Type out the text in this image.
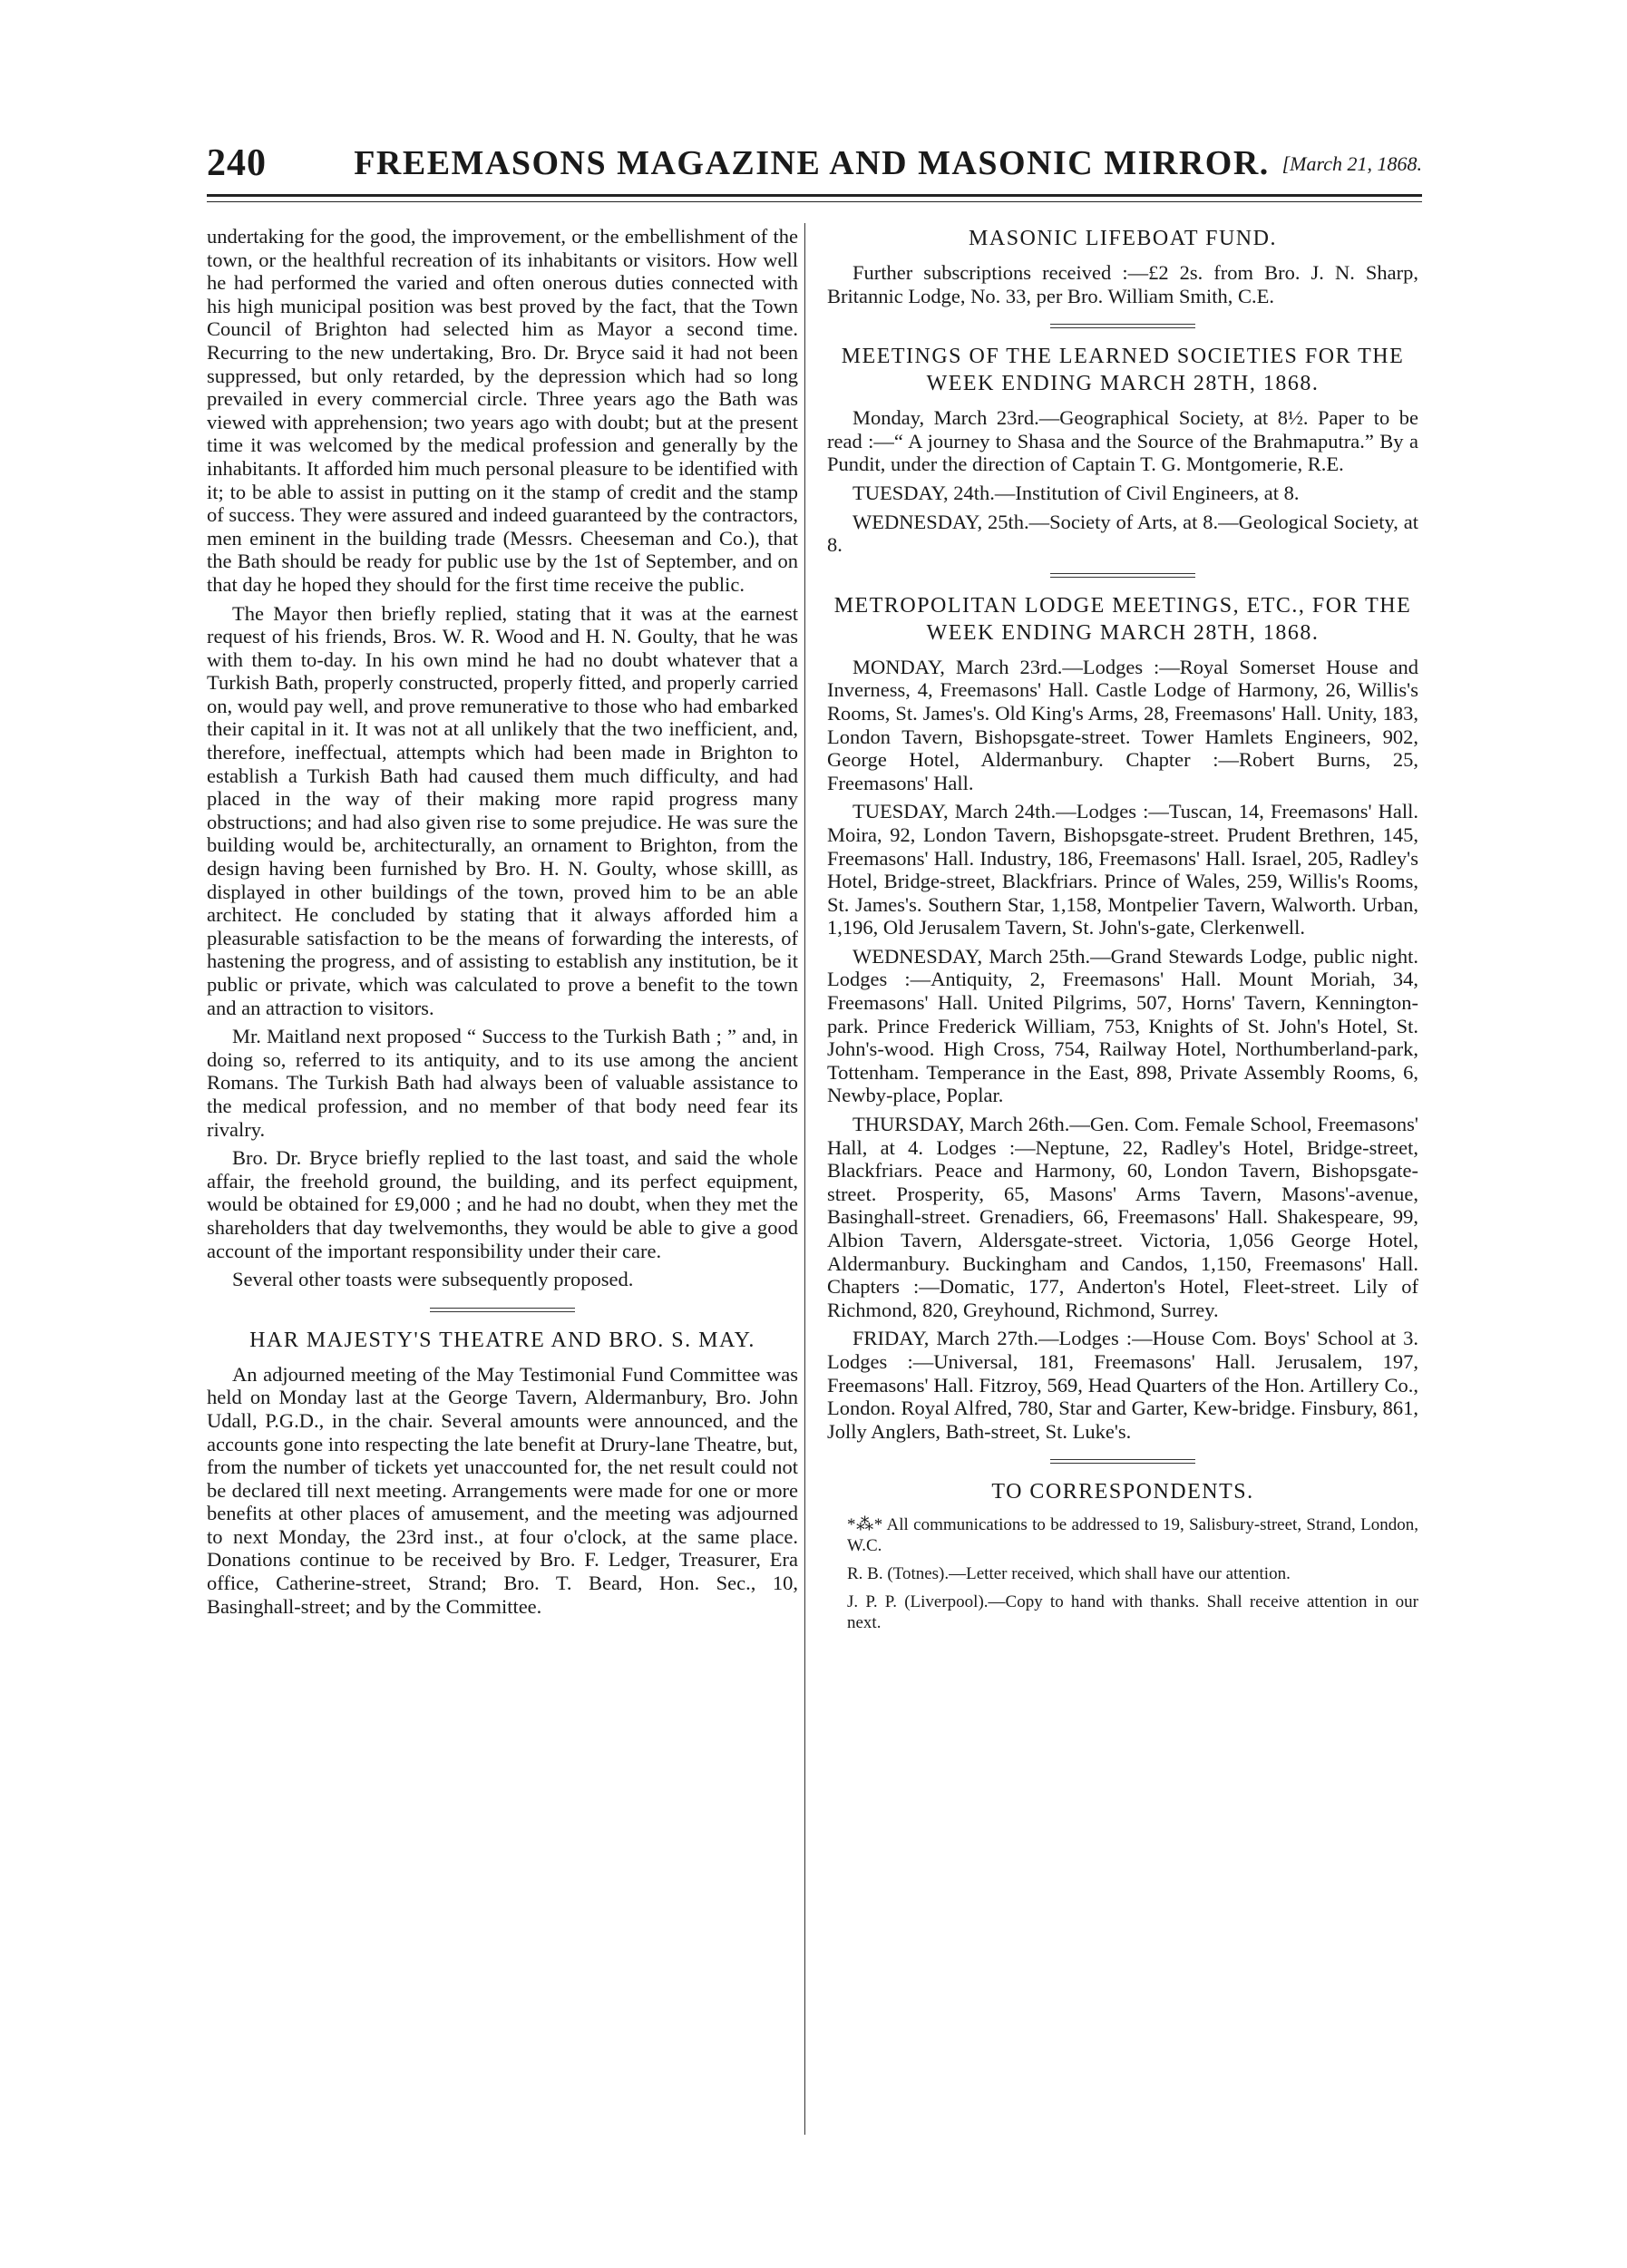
240	FREEMASONS MAGAZINE AND MASONIC MIRROR. [March 21, 1868.

undertaking for the good, the improvement, or the embellishment of the town, or the healthful recreation of its inhabitants or visitors. How well he had performed the varied and often onerous duties connected with his high municipal position was best proved by the fact, that the Town Council of Brighton had selected him as Mayor a second time. Recurring to the new undertaking, Bro. Dr. Bryce said it had not been suppressed, but only retarded, by the depression which had so long prevailed in every commercial circle. Three years ago the Bath was viewed with apprehension; two years ago with doubt; but at the present time it was welcomed by the medical profession and generally by the inhabitants. It afforded him much personal pleasure to be identified with it; to be able to assist in putting on it the stamp of credit and the stamp of success. They were assured and indeed guaranteed by the contractors, men eminent in the building trade (Messrs. Cheeseman and Co.), that the Bath should be ready for public use by the 1st of September, and on that day he hoped they should for the first time receive the public.

The Mayor then briefly replied, stating that it was at the earnest request of his friends, Bros. W. R. Wood and H. N. Goulty, that he was with them to-day. In his own mind he had no doubt whatever that a Turkish Bath, properly constructed, properly fitted, and properly carried on, would pay well, and prove remunerative to those who had embarked their capital in it. It was not at all unlikely that the two inefficient, and, therefore, ineffectual, attempts which had been made in Brighton to establish a Turkish Bath had caused them much difficulty, and had placed in the way of their making more rapid progress many obstructions; and had also given rise to some prejudice. He was sure the building would be, architecturally, an ornament to Brighton, from the design having been furnished by Bro. H. N. Goulty, whose skilll, as displayed in other buildings of the town, proved him to be an able architect. He concluded by stating that it always afforded him a pleasurable satisfaction to be the means of forwarding the interests, of hastening the progress, and of assisting to establish any institution, be it public or private, which was calculated to prove a benefit to the town and an attraction to visitors.

Mr. Maitland next proposed “ Success to the Turkish Bath ; ” and, in doing so, referred to its antiquity, and to its use among the ancient Romans. The Turkish Bath had always been of valuable assistance to the medical profession, and no member of that body need fear its rivalry.

Bro. Dr. Bryce briefly replied to the last toast, and said the whole affair, the freehold ground, the building, and its perfect equipment, would be obtained for £9,000 ; and he had no doubt, when they met the shareholders that day twelvemonths, they would be able to give a good account of the important responsibility under their care.

Several other toasts were subsequently proposed.

HAR MAJESTY'S THEATRE AND BRO. S. MAY.

An adjourned meeting of the May Testimonial Fund Committee was held on Monday last at the George Tavern, Aldermanbury, Bro. John Udall, P.G.D., in the chair. Several amounts were announced, and the accounts gone into respecting the late benefit at Drury-lane Theatre, but, from the number of tickets yet unaccounted for, the net result could not be declared till next meeting. Arrangements were made for one or more benefits at other places of amusement, and the meeting was adjourned to next Monday, the 23rd inst., at four o'clock, at the same place. Donations continue to be received by Bro. F. Ledger, Treasurer, Era office, Catherine-street, Strand; Bro. T. Beard, Hon. Sec., 10, Basinghall-street; and by the Committee.

MASONIC LIFEBOAT FUND.

Further subscriptions received :—£2 2s. from Bro. J. N. Sharp, Britannic Lodge, No. 33, per Bro. William Smith, C.E.

MEETINGS OF THE LEARNED SOCIETIES FOR THE WEEK ENDING MARCH 28TH, 1868.

Monday, March 23rd.—Geographical Society, at 8½. Paper to be read :—“ A journey to Shasa and the Source of the Brahmaputra.” By a Pundit, under the direction of Captain T. G. Montgomerie, R.E.

TUESDAY, 24th.—Institution of Civil Engineers, at 8.

WEDNESDAY, 25th.—Society of Arts, at 8.—Geological Society, at 8.

METROPOLITAN LODGE MEETINGS, ETC., FOR THE WEEK ENDING MARCH 28TH, 1868.

MONDAY, March 23rd.—Lodges :—Royal Somerset House and Inverness, 4, Freemasons' Hall. Castle Lodge of Harmony, 26, Willis's Rooms, St. James's. Old King's Arms, 28, Freemasons' Hall. Unity, 183, London Tavern, Bishopsgate-street. Tower Hamlets Engineers, 902, George Hotel, Aldermanbury. Chapter :—Robert Burns, 25, Freemasons' Hall.

TUESDAY, March 24th.—Lodges :—Tuscan, 14, Freemasons' Hall. Moira, 92, London Tavern, Bishopsgate-street. Prudent Brethren, 145, Freemasons' Hall. Industry, 186, Freemasons' Hall. Israel, 205, Radley's Hotel, Bridge-street, Blackfriars. Prince of Wales, 259, Willis's Rooms, St. James's. Southern Star, 1,158, Montpelier Tavern, Walworth. Urban, 1,196, Old Jerusalem Tavern, St. John's-gate, Clerkenwell.

WEDNESDAY, March 25th.—Grand Stewards Lodge, public night. Lodges :—Antiquity, 2, Freemasons' Hall. Mount Moriah, 34, Freemasons' Hall. United Pilgrims, 507, Horns' Tavern, Kennington-park. Prince Frederick William, 753, Knights of St. John's Hotel, St. John's-wood. High Cross, 754, Railway Hotel, Northumberland-park, Tottenham. Temperance in the East, 898, Private Assembly Rooms, 6, Newby-place, Poplar.

THURSDAY, March 26th.—Gen. Com. Female School, Freemasons' Hall, at 4. Lodges :—Neptune, 22, Radley's Hotel, Bridge-street, Blackfriars. Peace and Harmony, 60, London Tavern, Bishopsgate-street. Prosperity, 65, Masons' Arms Tavern, Masons'-avenue, Basinghall-street. Grenadiers, 66, Freemasons' Hall. Shakespeare, 99, Albion Tavern, Aldersgate-street. Victoria, 1,056 George Hotel, Aldermanbury. Buckingham and Candos, 1,150, Freemasons' Hall. Chapters :—Domatic, 177, Anderton's Hotel, Fleet-street. Lily of Richmond, 820, Greyhound, Richmond, Surrey.

FRIDAY, March 27th.—Lodges :—House Com. Boys' School at 3. Lodges :—Universal, 181, Freemasons' Hall. Jerusalem, 197, Freemasons' Hall. Fitzroy, 569, Head Quarters of the Hon. Artillery Co., London. Royal Alfred, 780, Star and Garter, Kew-bridge. Finsbury, 861, Jolly Anglers, Bath-street, St. Luke's.

TO CORRESPONDENTS.

*⁂* All communications to be addressed to 19, Salisbury-street, Strand, London, W.C.

R. B. (Totnes).—Letter received, which shall have our attention.

J. P. P. (Liverpool).—Copy to hand with thanks. Shall receive attention in our next.
